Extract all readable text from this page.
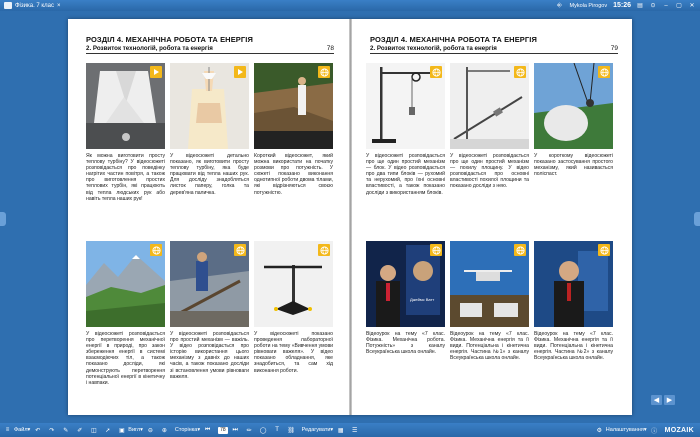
Фізика. 7 клас ×	⎆ Mykola Pirogov 15:26 ▤ ⊙	–	▢ ✕
РОЗДІЛ 4. МЕХАНІЧНА РОБОТА ТА ЕНЕРГІЯ
2. Розвиток технологій, робота та енергія	78
Як можна виготовити просту теплову турбіну? У відеосюжеті розповідається про поведінку нагрітих частин повітря, а також про виготовлення простих теплових турбін, які працюють від тепла людських рук або навіть тепла наших рук!
У відеосюжеті детально показано, як виготовити просту теплову турбіну, яка буде працювати від тепла наших рук. Для досліду знадобляться листок паперу, голка та дерев'яна паличка.
Короткий відеосюжет, який можна використати на початку розмови про потужність. У сюжеті показано виконання однотипної роботи двома тілами, які відрізняються своєю потужністю.
У відеосюжеті розповідається про перетворення механічної енергії в природі, про закон збереження енергії в системі взаємодіючих тіл, а також показано досліди, які демонструють перетворення потенціальної енергії в кінетичну і навпаки.
У відеосюжеті розповідається про простий механізм — важіль. У відео розповідається про історію використання цього механізму з давніх до наших часів, а також показано досліди зі встановлення умови рівноваги важеля.
У відеосюжеті показано проведення лабораторної роботи на тему «Вивчення умови рівноваги важеля». У відео показано обладнання, яке знадобиться, та сам хід виконання роботи.
РОЗДІЛ 4. МЕХАНІЧНА РОБОТА ТА ЕНЕРГІЯ
2. Розвиток технологій, робота та енергія	79
У відеосюжеті розповідається про ще один простий механізм — блок. У відео розповідається про два типи блоків — рухомий та нерухомий, про їхні основні властивості, а також показано досліди з використанням блоків.
У відеосюжеті розповідається про ще один простий механізм — похилу площину. У відео розповідається про основні властивості похилої площини та показано досліди з нею.
У короткому відеосюжеті показано застосування простого механізму, який називається поліспаст.
Джеймс Ватт
Відеоурок на тему «7 клас. Фізика. Механічна робота. Потужність» з каналу Всеукраїнська школа онлайн.
Відеоурок на тему «7 клас. Фізика. Механічна енергія та її види. Потенціальна і кінетична енергія. Частина №1» з каналу Всеукраїнська школа онлайн.
Відеоурок на тему «7 клас. Фізика. Механічна енергія та її види. Потенціальна і кінетична енергія. Частина №2» з каналу Всеукраїнська школа онлайн.
◀	▶
≡ Файл ▾ ↶ ↷ ✎ ✐ ◫ ➚ ▣ Вигл ▾ ⊖ ⊕ Сторінка ▾ ⏮	78	⏭ ✏ ◯ T ⛓ Редагувати ▾ ▦ ☰	⚙ Налаштування ▾ ⓘ MOZAIK
